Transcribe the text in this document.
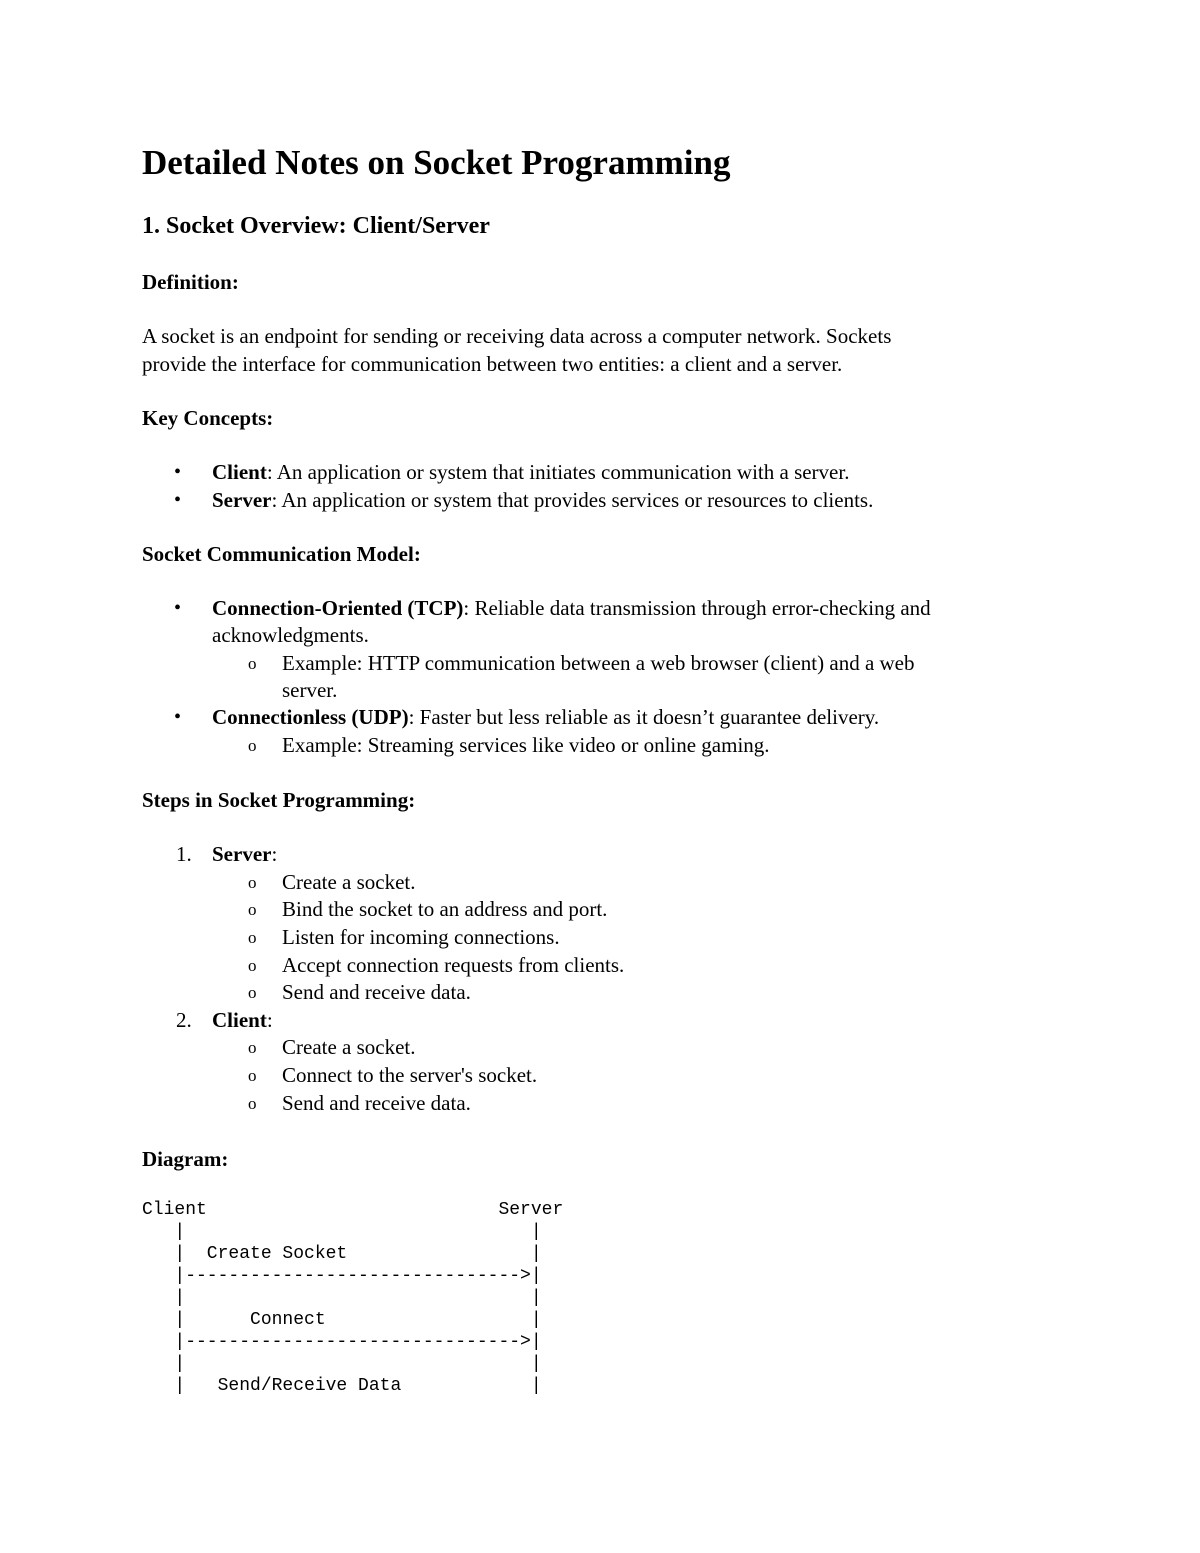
Detailed Notes on Socket Programming
1. Socket Overview: Client/Server
Definition:
A socket is an endpoint for sending or receiving data across a computer network. Sockets
provide the interface for communication between two entities: a client and a server.
Key Concepts:
• Client: An application or system that initiates communication with a server.
• Server: An application or system that provides services or resources to clients.
Socket Communication Model:
• Connection-Oriented (TCP): Reliable data transmission through error-checking and
acknowledgments.
o Example: HTTP communication between a web browser (client) and a web
server.
• Connectionless (UDP): Faster but less reliable as it doesn’t guarantee delivery.
o Example: Streaming services like video or online gaming.
Steps in Socket Programming:
1. Server:
o Create a socket.
o Bind the socket to an address and port.
o Listen for incoming connections.
o Accept connection requests from clients.
o Send and receive data.
2. Client:
o Create a socket.
o Connect to the server's socket.
o Send and receive data.
Diagram:
Client                           Server
|                                |
|  Create Socket                 |
|------------------------------->|
|                                |
|      Connect                   |
|------------------------------->|
|                                |
|   Send/Receive Data            |
